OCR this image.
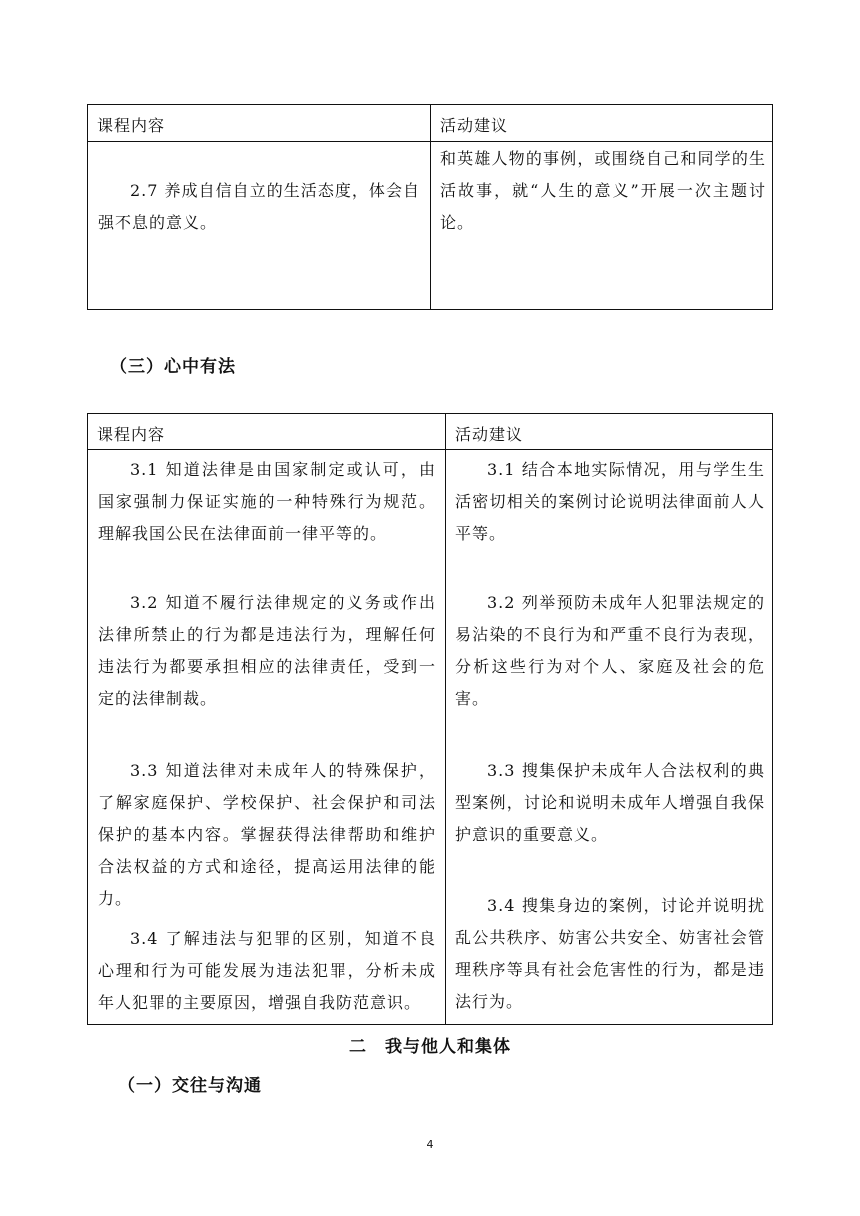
课程内容	活动建议

2.7 养成自信自立的生活态度，体会自强不息的意义。

和英雄人物的事例，或围绕自己和同学的生活故事，就“人生的意义”开展一次主题讨论。

（三）心中有法
课程内容	活动建议

3.1 知道法律是由国家制定或认可，由国家强制力保证实施的一种特殊行为规范。理解我国公民在法律面前一律平等的。

3.2 知道不履行法律规定的义务或作出法律所禁止的行为都是违法行为，理解任何违法行为都要承担相应的法律责任，受到一定的法律制裁。

3.3 知道法律对未成年人的特殊保护，了解家庭保护、学校保护、社会保护和司法保护的基本内容。掌握获得法律帮助和维护合法权益的方式和途径，提高运用法律的能力。

3.4 了解违法与犯罪的区别，知道不良心理和行为可能发展为违法犯罪，分析未成年人犯罪的主要原因，增强自我防范意识。

3.1 结合本地实际情况，用与学生生活密切相关的案例讨论说明法律面前人人平等。

3.2 列举预防未成年人犯罪法规定的易沾染的不良行为和严重不良行为表现，分析这些行为对个人、家庭及社会的危害。

3.3 搜集保护未成年人合法权利的典型案例，讨论和说明未成年人增强自我保护意识的重要意义。

3.4 搜集身边的案例，讨论并说明扰乱公共秩序、妨害公共安全、妨害社会管理秩序等具有社会危害性的行为，都是违法行为。

二　我与他人和集体
（一）交往与沟通
4
